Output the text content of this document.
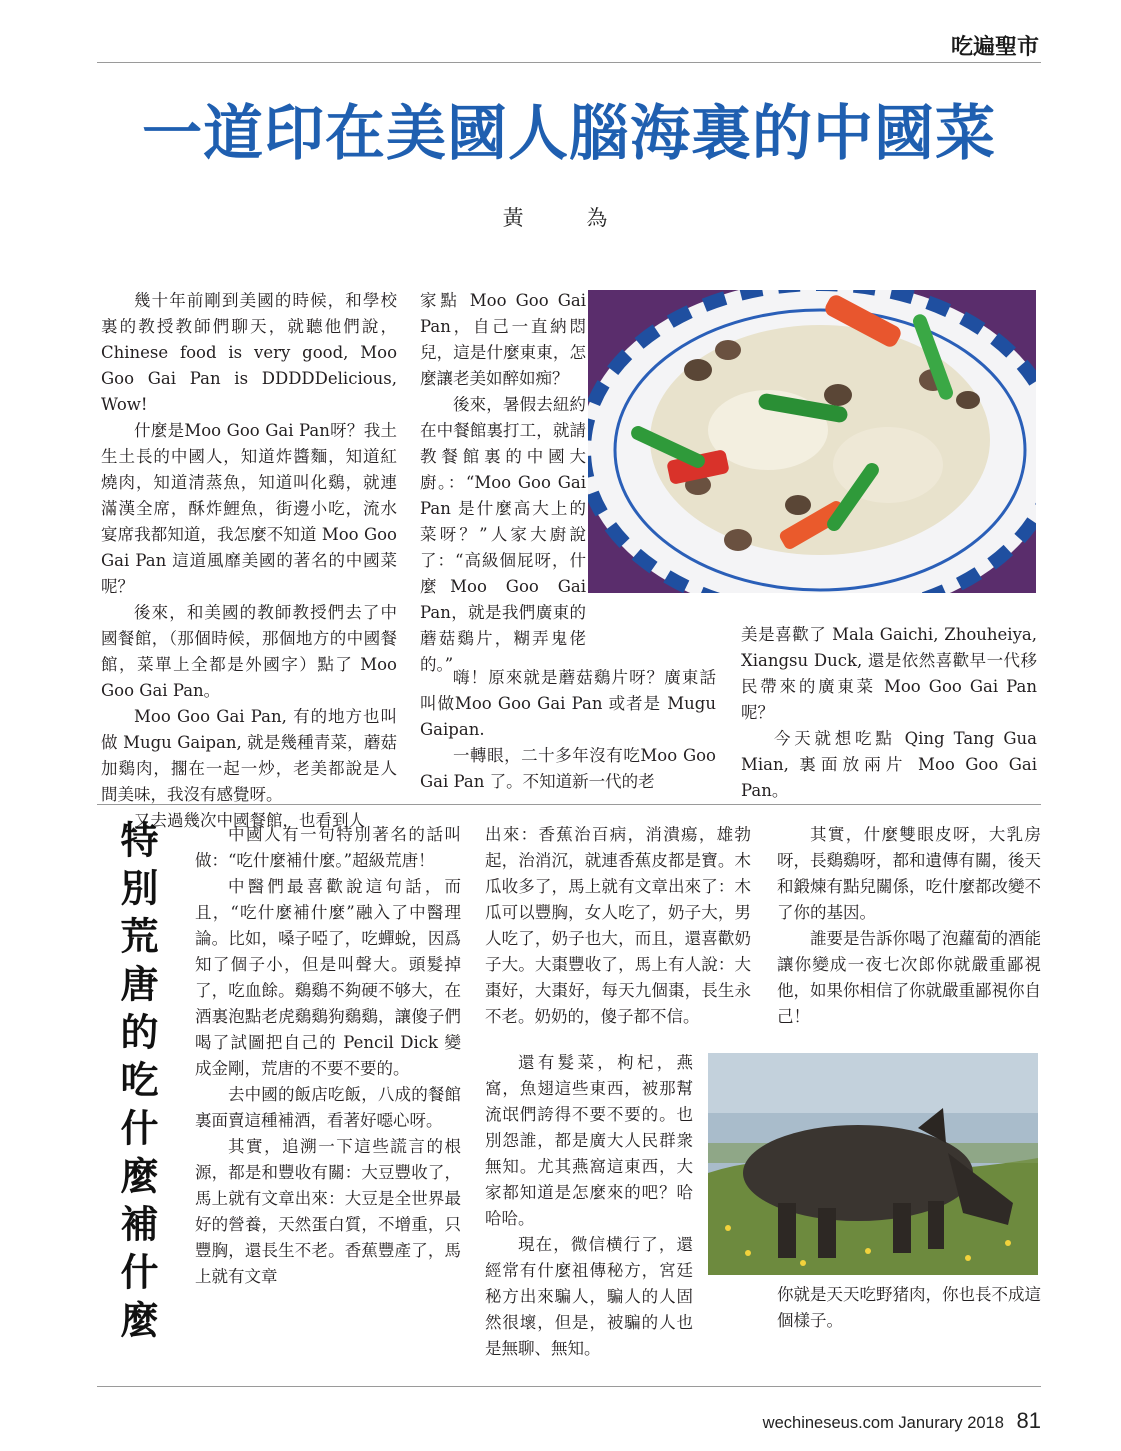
吃遍聖市
一道印在美國人腦海裏的中國菜
黃 為

幾十年前剛到美國的時候，和學校裏的教授教師們聊天，就聽他們說，Chinese food is very good, Moo Goo Gai Pan is DDDDDelicious, Wow!

什麼是Moo Goo Gai Pan呀？我土生土長的中國人，知道炸醬麵，知道紅燒肉，知道清蒸魚，知道叫化鷄，就連滿漢全席，酥炸鯉魚，街邊小吃，流水宴席我都知道，我怎麼不知道 Moo Goo Gai Pan 這道風靡美國的著名的中國菜呢？

後來，和美國的教師教授們去了中國餐館，（那個時候，那個地方的中國餐館，菜單上全都是外國字）點了 Moo Goo Gai Pan。

Moo Goo Gai Pan, 有的地方也叫做 Mugu Gaipan, 就是幾種青菜，蘑菇加鷄肉，擱在一起一炒，老美都說是人間美味，我沒有感覺呀。

又去過幾次中國餐館，也看到人

家點 Moo Goo Gai Pan，自己一直納悶兒，這是什麼東東，怎麼讓老美如醉如痴？

後來，暑假去紐約在中餐館裏打工，就請教餐館裏的中國大廚。：“Moo Goo Gai Pan 是什麼高大上的菜呀？”人家大廚說了：“高級個屁呀，什麼Moo Goo Gai Pan，就是我們廣東的蘑菇鷄片，糊弄鬼佬的。”

嗨！原來就是蘑菇鷄片呀？廣東話叫做Moo Goo Gai Pan 或者是 Mugu Gaipan.

一轉眼，二十多年沒有吃Moo Goo Gai Pan 了。不知道新一代的老

美是喜歡了 Mala Gaichi, Zhouheiya, Xiangsu Duck, 還是依然喜歡早一代移民帶來的廣東菜 Moo Goo Gai Pan 呢？

今天就想吃點 Qing Tang Gua Mian, 裏面放兩片 Moo Goo Gai Pan。

特別荒唐的吃什麼補什麼	中國人有一句特別著名的話叫做：“吃什麼補什麼。”超級荒唐！

中醫們最喜歡說這句話，而且，“吃什麼補什麼”融入了中醫理論。比如，嗓子啞了，吃蟬蛻，因爲知了個子小，但是叫聲大。頭髮掉了，吃血餘。鷄鷄不夠硬不够大，在酒裏泡點老虎鷄鷄狗鷄鷄，讓傻子們喝了試圖把自己的 Pencil Dick 變成金剛，荒唐的不要不要的。

去中國的飯店吃飯，八成的餐館裏面賣這種補酒，看著好噁心呀。

其實，追溯一下這些謊言的根源，都是和豐收有關：大豆豐收了，馬上就有文章出來：大豆是全世界最好的營養，天然蛋白質，不增重，只豐胸，還長生不老。香蕉豐產了，馬上就有文章

出來：香蕉治百病，消潰瘍，雄勃起，治消沉，就連香蕉皮都是寶。木瓜收多了，馬上就有文章出來了：木瓜可以豐胸，女人吃了，奶子大，男人吃了，奶子也大，而且，還喜歡奶子大。大棗豐收了，馬上有人說：大棗好，大棗好，每天九個棗，長生永不老。奶奶的，傻子都不信。

還有髮菜，枸杞，燕窩，魚翅這些東西，被那幫流氓們誇得不要不要的。也別怨誰，都是廣大人民群衆無知。尤其燕窩這東西，大家都知道是怎麼來的吧？哈哈哈。

現在，微信横行了，還經常有什麼祖傳秘方，宮廷秘方出來騙人，騙人的人固然很壞，但是，被騙的人也是無聊、無知。

其實，什麼雙眼皮呀，大乳房呀，長鷄鷄呀，都和遺傳有關，後天和鍛煉有點兒關係，吃什麼都改變不了你的基因。

誰要是告訴你喝了泡蘿蔔的酒能讓你變成一夜七次郎你就嚴重鄙視他，如果你相信了你就嚴重鄙視你自己！

你就是天天吃野猪肉，你也長不成這個樣子。

wechineseus.com Janurary 2018 81
